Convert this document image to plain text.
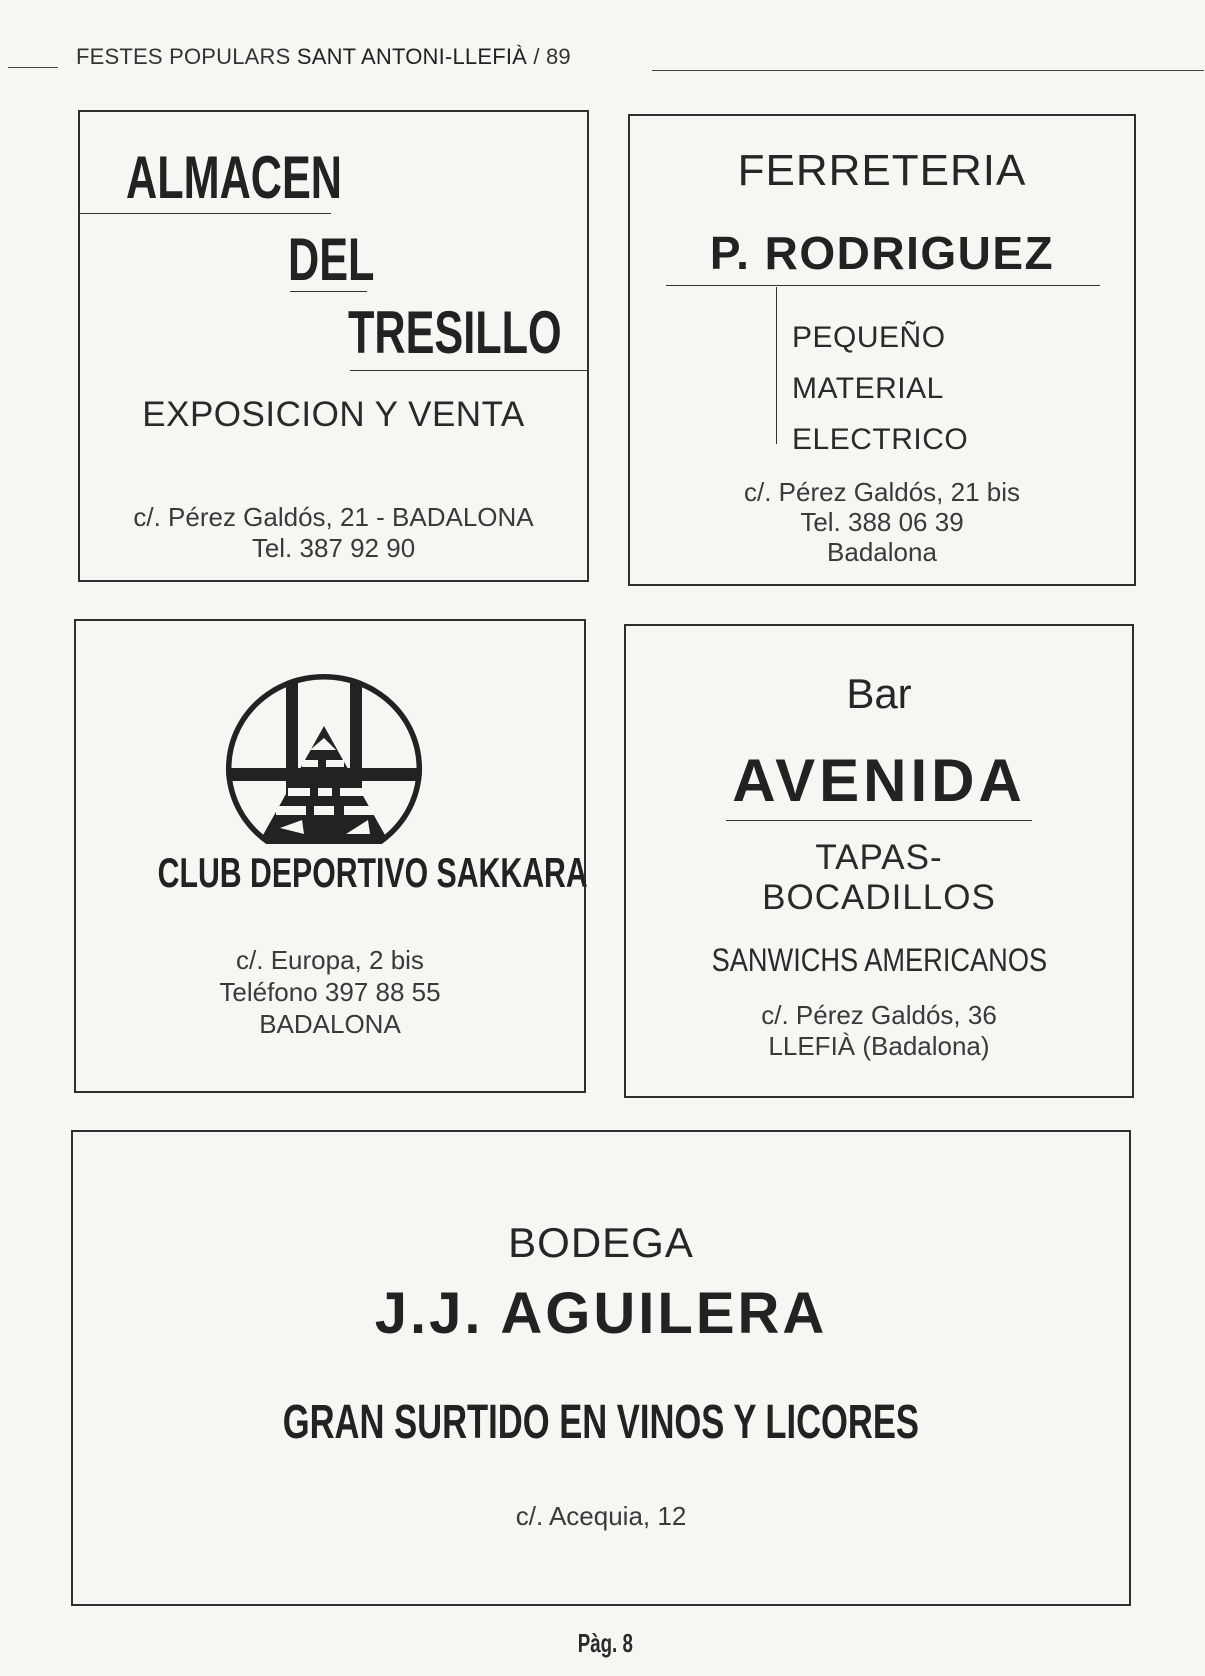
FESTES POPULARS SANT ANTONI-LLEFIÀ / 89
ALMACEN
DEL
TRESILLO
EXPOSICION Y VENTA
c/. Pérez Galdós, 21 - BADALONA
Tel. 387 92 90
FERRETERIA
P. RODRIGUEZ
PEQUEÑO
MATERIAL
ELECTRICO
c/. Pérez Galdós, 21 bis
Tel. 388 06 39
Badalona
CLUB DEPORTIVO SAKKARA
c/. Europa, 2 bis
Teléfono 397 88 55
BADALONA
Bar
AVENIDA
TAPAS-
BOCADILLOS
SANWICHS AMERICANOS
c/. Pérez Galdós, 36
LLEFIÀ (Badalona)
BODEGA
J.J. AGUILERA
GRAN SURTIDO EN VINOS Y LICORES
c/. Acequia, 12
Pàg. 8
